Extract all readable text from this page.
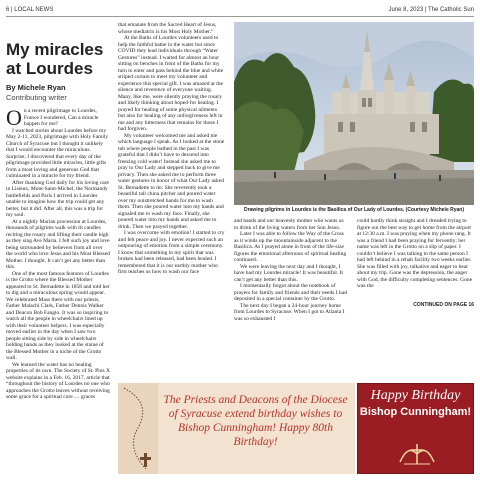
6 | LOCAL NEWS	June 8, 2023 | The Catholic Sun
My miracles at Lourdes
By Michele Ryan
Contributing writer
O n a recent pilgrimage to Lourdes, France I wondered, Can a miracle happen for me?

I watched stories about Lourdes before my May 2-11, 2023, pilgrimage with Holy Family Church of Syracuse but I thought it unlikely that I would encounter the miraculous. Surprise; I discovered that every day of the pilgrimage provided little miracles, little gifts from a most loving and generous God that culminated in a miracle for my friend.

After thanking God daily for his loving care in Lisieux, Mont-Saint-Michel, the Normandy battlefields and Paris I arrived in Lourdes unable to imagine how the trip could get any better, but it did. After all, this was a trip for my soul.

At a nightly Marian procession at Lourdes, thousands of pilgrims walk with lit candles reciting the rosary and lifting their candle high as they sing Ave Maria. I felt such joy and love being surrounded by believers from all over the world who love Jesus and his Most Blessed Mother. I thought, It can’t get any better than this.

One of the most famous features of Lourdes is the Grotto where the Blessed Mother appeared to St. Bernadette in 1858 and told her to dig and a miraculous spring would appear. We celebrated Mass there with our priests, Father Malachi Clark, Father Dennis Walker and Deacon Bob Fangio. It was so inspiring to watch all the people in wheelchairs lined up with their volunteer helpers. I was especially moved earlier in the day when I saw two people sitting side by side in wheelchairs holding hands as they looked at the statue of the Blessed Mother in a niche of the Grotto wall.

We learned the water has no healing properties of its own. The Society of St. Pius X website explains in a Feb. 16, 2017, article that “throughout the history of Lourdes no one who approaches the Grotto leaves without receiving some grace for a spiritual cure … graces

that emanate from the Sacred Heart of Jesus, whose mediatrix is his Most Holy Mother.”

At the Baths of Lourdes volunteers used to help the faithful bathe in the water but since COVID they lead individuals through “Water Gestures” instead. I waited for almost an hour sitting on benches in front of the Baths for my turn to enter and pass behind the blue and white striped curtain to meet my volunteer and experience this special gift. I was amazed at the silence and reverence of everyone waiting. Many, like me, were silently praying the rosary and likely thinking about hoped-for healing. I prayed for healing of some physical ailments but also for healing of any unforgiveness left in me and any bitterness that remains for those I had forgiven.

My volunteer welcomed me and asked me which language I speak. As I looked at the stone tub where people bathed in the past I was grateful that I didn’t have to descend into freezing cold water! Instead she asked me to pray to Our Lady and stepped back to give me privacy. Then she asked me to perform three water gestures in honor of what Our Lady asked St. Bernadette to do: She reverently took a beautiful tall china pitcher and poured water over my outstretched hands for me to wash them. Then she poured water into my hands and signaled me to wash my face. Finally, she poured water into my hands and asked me to drink. Then we prayed together.

I was overcome with emotion! I started to cry and felt peace and joy. I never expected such an outpouring of emotion from a simple ceremony. I know that something in my spirit that was broken had been released, had been healed. I remembered that it is our earthly mother who first teaches us how to wash our face

Drawing pilgrims in Lourdes is the Basilica of Our Lady of Lourdes. (Courtesy Michele Ryan)

and hands and our heavenly mother who wants us to drink of the living waters from her Son Jesus.

Later I was able to follow the Way of the Cross as it winds up the mountainside adjacent to the Basilica. As I prayed alone in front of the life-size figures the emotional afternoon of spiritual healing continued.

We were leaving the next day and I thought, I have had my Lourdes miracle! It was beautiful. It can’t get any better than this.

I momentarily forgot about the notebook of prayers for family and friends and their needs I had deposited in a special container by the Grotto.

The next day I began a 24-hour journey home from Lourdes to Syracuse. When I got to Atlanta I was so exhausted I

could hardly think straight and I dreaded trying to figure out the best way to get home from the airport at 12:30 a.m. I was praying when my phone rang. It was a friend I had been praying for fervently; her name was left in the Grotto on a slip of paper. I couldn’t believe I was talking to the same person I had left behind in a rehab facility two weeks earlier. She was filled with joy, talkative and eager to hear about my trip. Gone was the depression, the anger with God, the difficulty completing sentences. Gone was the

CONTINUED ON PAGE 16
The Priests and Deacons of the Diocese of Syracuse extend birthday wishes to Bishop Cunningham! Happy 80th Birthday!
Happy Birthday
Bishop Cunningham!
